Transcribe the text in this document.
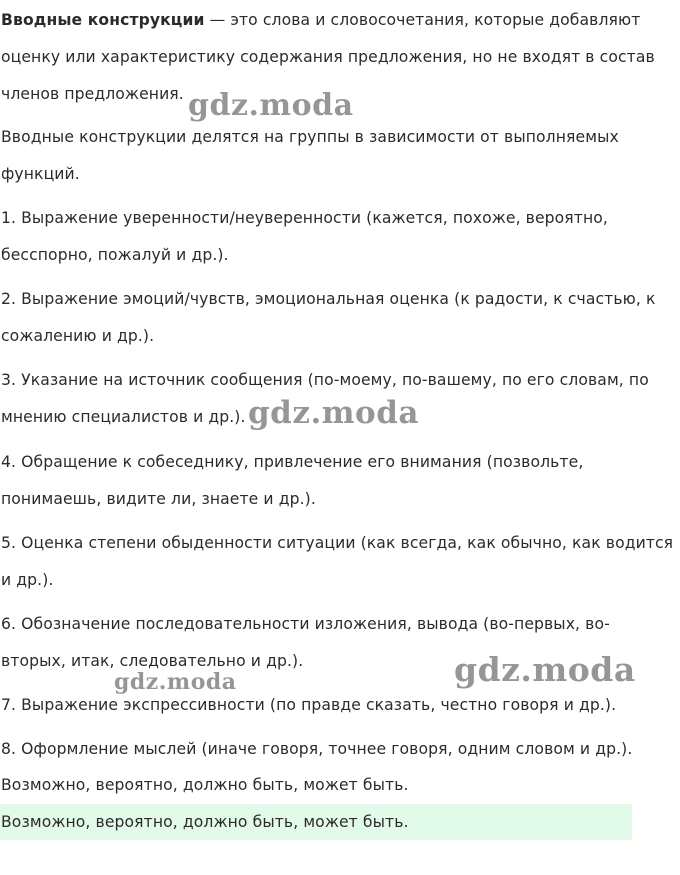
Вводные конструкции — это слова и словосочетания, которые добавляют оценку или характеристику содержания предложения, но не входят в состав членов предложения.

Вводные конструкции делятся на группы в зависимости от выполняемых функций.

1. Выражение уверенности/неуверенности (кажется, похоже, вероятно, бесспорно, пожалуй и др.).

2. Выражение эмоций/чувств, эмоциональная оценка (к радости, к счастью, к сожалению и др.).

3. Указание на источник сообщения (по-моему, по-вашему, по его словам, по мнению специалистов и др.).

4. Обращение к собеседнику, привлечение его внимания (позвольте, понимаешь, видите ли, знаете и др.).

5. Оценка степени обыденности ситуации (как всегда, как обычно, как водится и др.).

6. Обозначение последовательности изложения, вывода (во-первых, во-вторых, итак, следовательно и др.).

7. Выражение экспрессивности (по правде сказать, честно говоря и др.).

8. Оформление мыслей (иначе говоря, точнее говоря, одним словом и др.).

Возможно, вероятно, должно быть, может быть.

Возможно, вероятно, должно быть, может быть.
gdz.moda
gdz.moda
gdz.moda
gdz.moda
